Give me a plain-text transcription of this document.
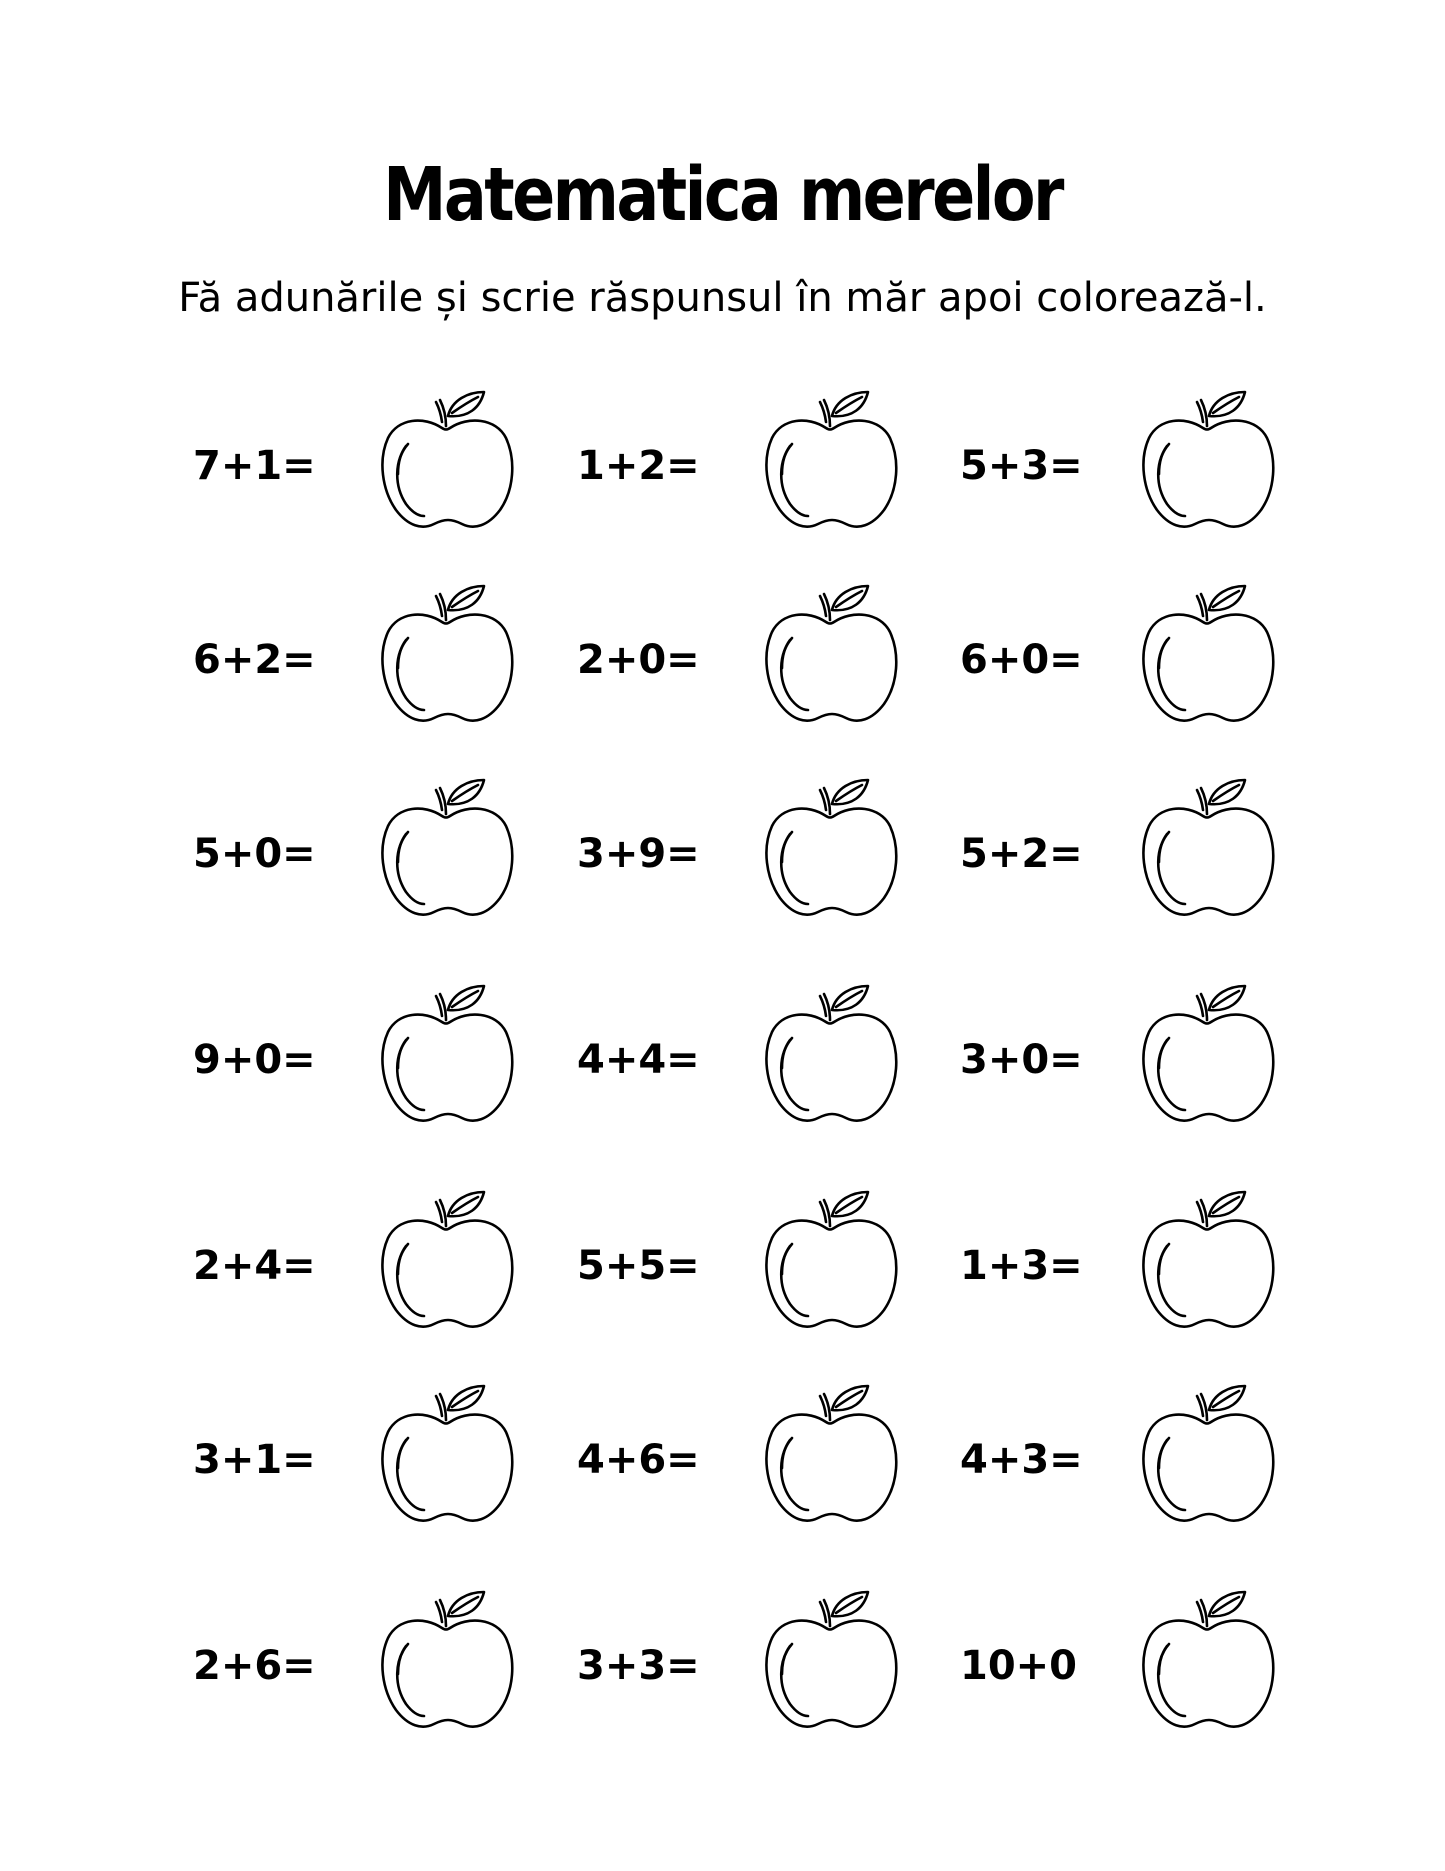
Matematica merelor
Fă adunările și scrie răspunsul în măr apoi colorează-l.
7+1=	1+2=	5+3=
6+2=	2+0=	6+0=
5+0=	3+9=	5+2=
9+0=	4+4=	3+0=
2+4=	5+5=	1+3=
3+1=	4+6=	4+3=
2+6=	3+3=	10+0
